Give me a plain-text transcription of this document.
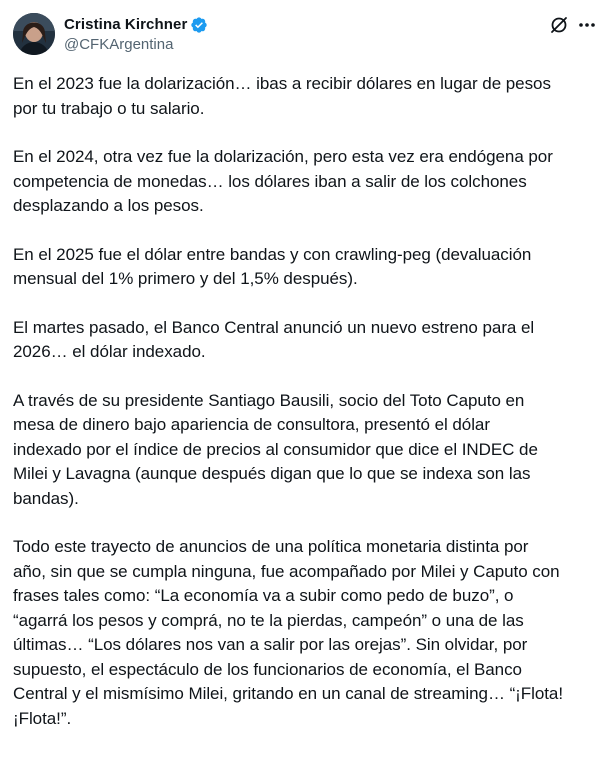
Cristina Kirchner
@CFKArgentina

En el 2023 fue la dolarización… ibas a recibir dólares en lugar de pesos
por tu trabajo o tu salario.

En el 2024, otra vez fue la dolarización, pero esta vez era endógena por
competencia de monedas… los dólares iban a salir de los colchones
desplazando a los pesos.

En el 2025 fue el dólar entre bandas y con crawling-peg (devaluación
mensual del 1% primero y del 1,5% después).

El martes pasado, el Banco Central anunció un nuevo estreno para el
2026… el dólar indexado.

A través de su presidente Santiago Bausili, socio del Toto Caputo en
mesa de dinero bajo apariencia de consultora, presentó el dólar
indexado por el índice de precios al consumidor que dice el INDEC de
Milei y Lavagna (aunque después digan que lo que se indexa son las
bandas).

Todo este trayecto de anuncios de una política monetaria distinta por
año, sin que se cumpla ninguna, fue acompañado por Milei y Caputo con
frases tales como: “La economía va a subir como pedo de buzo”, o
“agarrá los pesos y comprá, no te la pierdas, campeón” o una de las
últimas… “Los dólares nos van a salir por las orejas”. Sin olvidar, por
supuesto, el espectáculo de los funcionarios de economía, el Banco
Central y el mismísimo Milei, gritando en un canal de streaming… “¡Flota!
¡Flota!”.
